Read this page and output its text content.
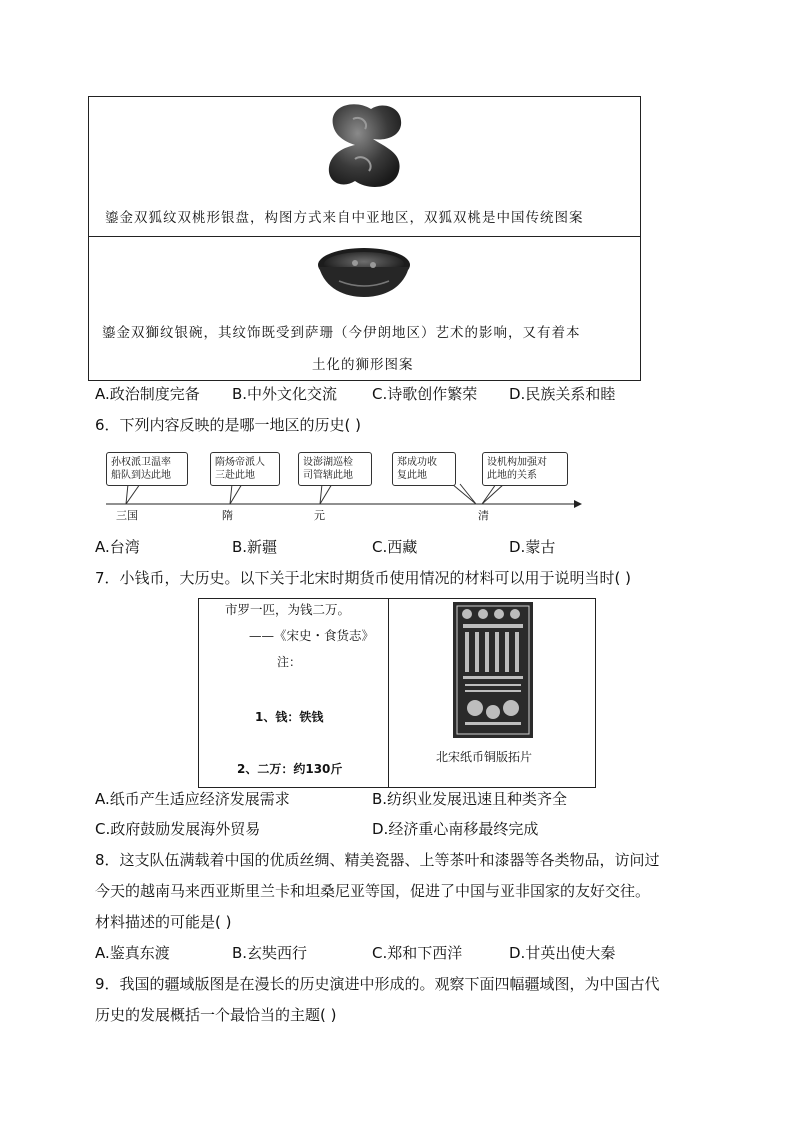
鎏金双狐纹双桃形银盘，构图方式来自中亚地区，双狐双桃是中国传统图案
鎏金双獅纹银碗，其纹饰既受到萨珊（今伊朗地区）艺术的影响，又有着本
土化的狮形图案
A.政治制度完备 B.中外文化交流 C.诗歌创作繁荣 D.民族关系和睦
6．下列内容反映的是哪一地区的历史( )
孙权派卫温率
船队到达此地
隋炀帝派人
三赴此地
设澎湖巡检
司管辖此地
郑成功收
复此地
设机构加强对
此地的关系
三国	隋	元	清
A.台湾	B.新疆	C.西藏	D.蒙古
7．小钱币，大历史。以下关于北宋时期货币使用情况的材料可以用于说明当时( )
市罗一匹，为钱二万。
——《宋史・食货志》
注：
1、钱：铁钱
2、二万：约130斤
北宋纸币铜版拓片
A.纸币产生适应经济发展需求	B.纺织业发展迅速且种类齐全
C.政府鼓励发展海外贸易	D.经济重心南移最终完成
8．这支队伍满载着中国的优质丝绸、精美瓷器、上等茶叶和漆器等各类物品，访问过
今天的越南马来西亚斯里兰卡和坦桑尼亚等国，促进了中国与亚非国家的友好交往。
材料描述的可能是( )
A.鉴真东渡	B.玄奘西行	C.郑和下西洋	D.甘英出使大秦
9．我国的疆域版图是在漫长的历史演进中形成的。观察下面四幅疆域图，为中国古代
历史的发展概括一个最恰当的主题( )
